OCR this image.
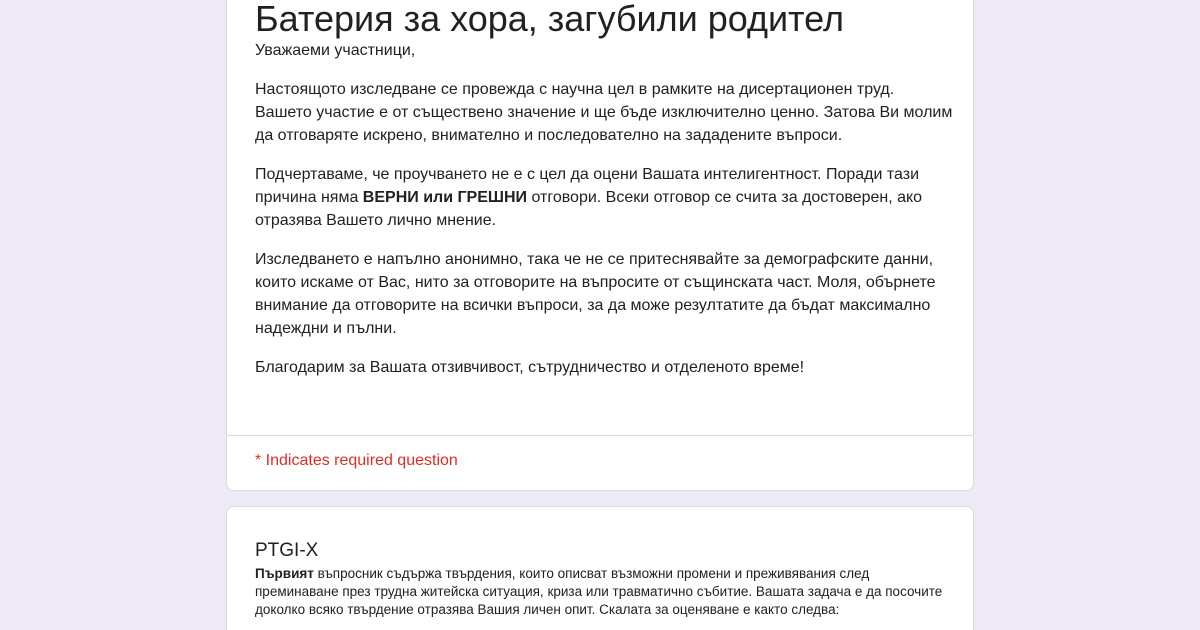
Батерия за хора, загубили родител

Уважаеми участници,

Настоящото изследване се провежда с научна цел в рамките на дисертационен труд. Вашето участие е от съществено значение и ще бъде изключително ценно. Затова Ви молим да отговаряте искрено, внимателно и последователно на зададените въпроси.

Подчертаваме, че проучването не е с цел да оцени Вашата интелигентност. Поради тази причина няма ВЕРНИ или ГРЕШНИ отговори. Всеки отговор се счита за достоверен, ако отразява Вашето лично мнение.

Изследването е напълно анонимно, така че не се притеснявайте за демографските данни, които искаме от Вас, нито за отговорите на въпросите от същинската част. Моля, обърнете внимание да отговорите на всички въпроси, за да може резултатите да бъдат максимално надеждни и пълни.

Благодарим за Вашата отзивчивост, сътрудничество и отделеното време!

* Indicates required question
PTGI-X
Първият въпросник съдържа твърдения, които описват възможни промени и преживявания след преминаване през трудна житейска ситуация, криза или травматично събитие. Вашата задача е да посочите доколко всяко твърдение отразява Вашия личен опит. Скалата за оценяване е както следва:
